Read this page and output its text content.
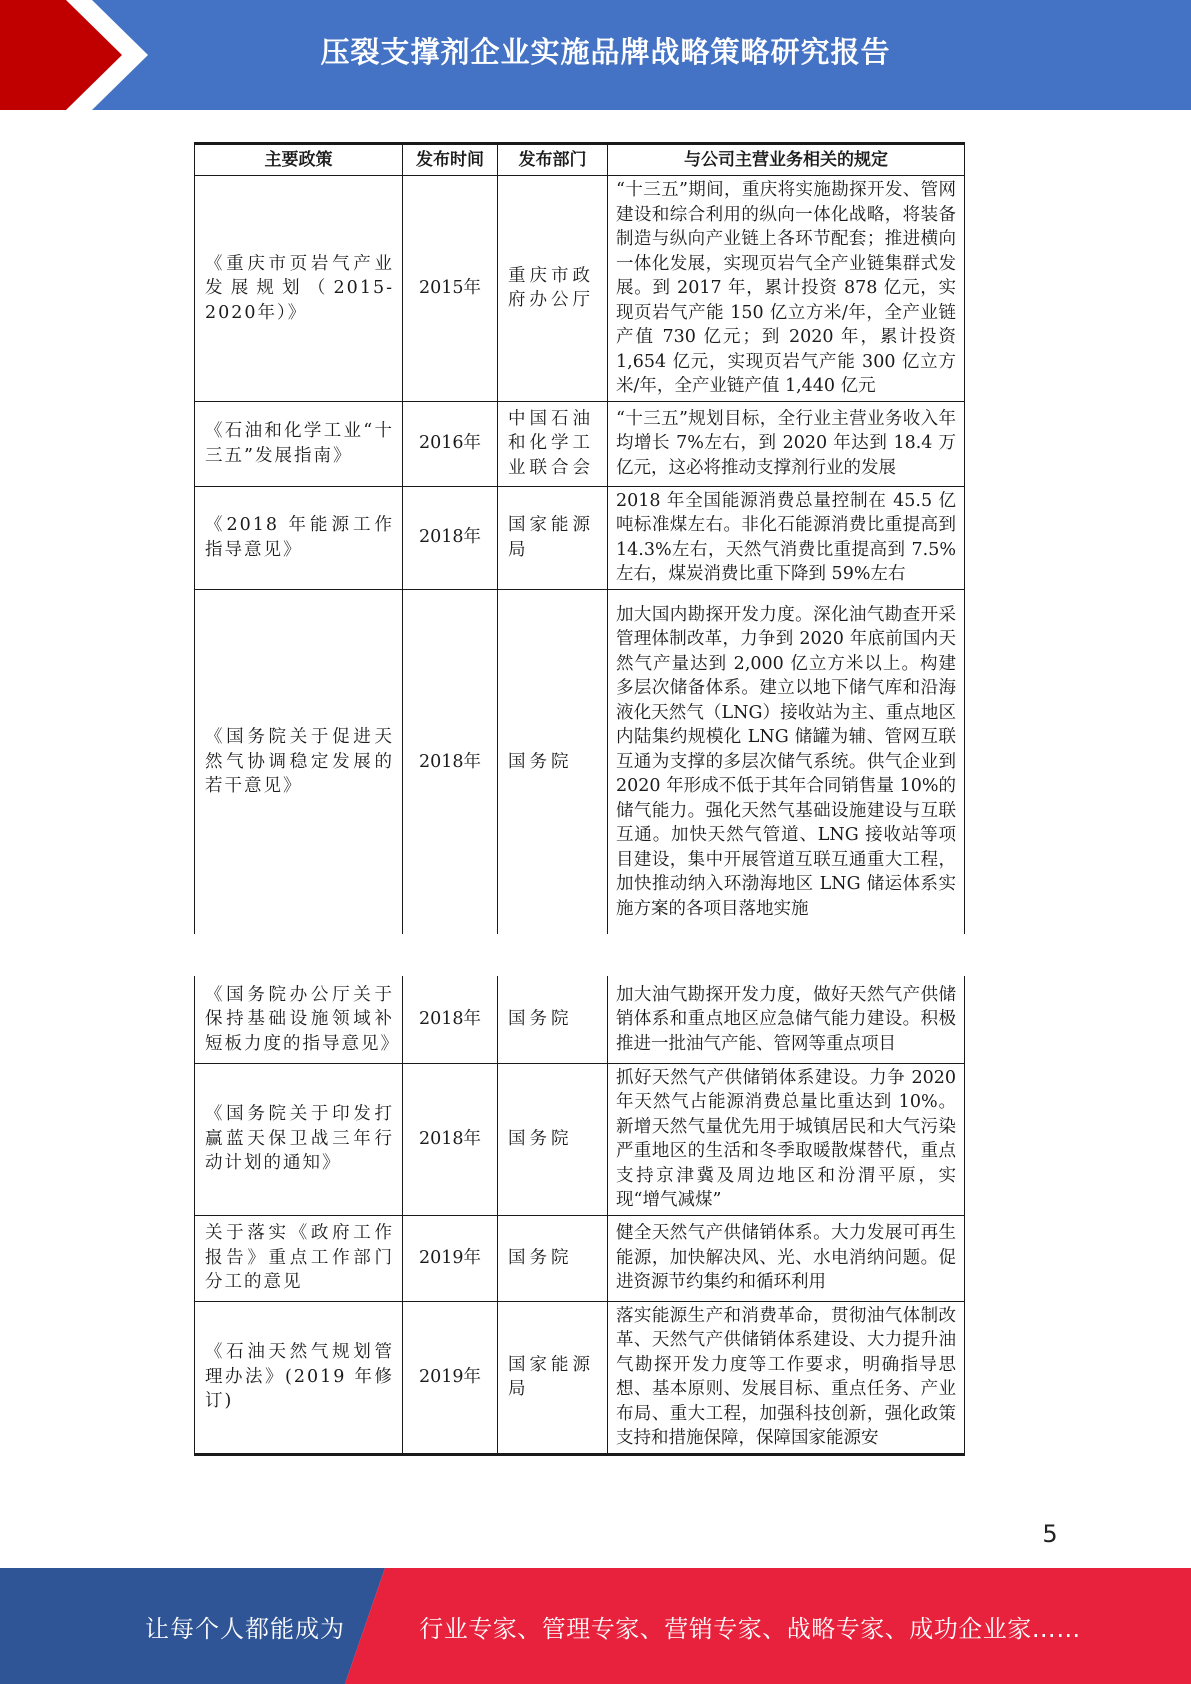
压裂支撑剂企业实施品牌战略策略研究报告
主要政策	发布时间	发布部门	与公司主营业务相关的规定
《重庆市页岩气产业发展规划（2015-2020年）》	2015年	重庆市政府办公厅	“十三五”期间，重庆将实施勘探开发、管网建设和综合利用的纵向一体化战略，将装备制造与纵向产业链上各环节配套；推进横向一体化发展，实现页岩气全产业链集群式发展。到 2017 年，累计投资 878 亿元，实现页岩气产能 150 亿立方米/年，全产业链产值 730 亿元；到 2020 年，累计投资 1,654 亿元，实现页岩气产能 300 亿立方米/年，全产业链产值 1,440 亿元
《石油和化学工业“十三五”发展指南》	2016年	中国石油和化学工业联合会	“十三五”规划目标，全行业主营业务收入年均增长 7%左右，到 2020 年达到 18.4 万亿元，这必将推动支撑剂行业的发展
《2018 年能源工作指导意见》	2018年	国家能源局	2018 年全国能源消费总量控制在 45.5 亿吨标准煤左右。非化石能源消费比重提高到 14.3%左右，天然气消费比重提高到 7.5%左右，煤炭消费比重下降到 59%左右
《国务院关于促进天然气协调稳定发展的若干意见》	2018年	国务院	加大国内勘探开发力度。深化油气勘查开采管理体制改革，力争到 2020 年底前国内天然气产量达到 2,000 亿立方米以上。构建多层次储备体系。建立以地下储气库和沿海液化天然气（LNG）接收站为主、重点地区内陆集约规模化 LNG 储罐为辅、管网互联互通为支撑的多层次储气系统。供气企业到 2020 年形成不低于其年合同销售量 10%的储气能力。强化天然气基础设施建设与互联互通。加快天然气管道、LNG 接收站等项目建设，集中开展管道互联互通重大工程，加快推动纳入环渤海地区 LNG 储运体系实施方案的各项目落地实施
《国务院办公厅关于保持基础设施领域补短板力度的指导意见》	2018年	国务院	加大油气勘探开发力度，做好天然气产供储销体系和重点地区应急储气能力建设。积极推进一批油气产能、管网等重点项目
《国务院关于印发打赢蓝天保卫战三年行动计划的通知》	2018年	国务院	抓好天然气产供储销体系建设。力争 2020 年天然气占能源消费总量比重达到 10%。新增天然气量优先用于城镇居民和大气污染严重地区的生活和冬季取暖散煤替代，重点支持京津冀及周边地区和汾渭平原，实现“增气减煤”
关于落实《政府工作报告》重点工作部门分工的意见	2019年	国务院	健全天然气产供储销体系。大力发展可再生能源，加快解决风、光、水电消纳问题。促进资源节约集约和循环利用
《石油天然气规划管理办法》(2019 年修订)	2019年	国家能源局	落实能源生产和消费革命，贯彻油气体制改革、天然气产供储销体系建设、大力提升油气勘探开发力度等工作要求，明确指导思想、基本原则、发展目标、重点任务、产业布局、重大工程，加强科技创新，强化政策支持和措施保障，保障国家能源安
5
让每个人都能成为	行业专家、管理专家、营销专家、战略专家、成功企业家……
